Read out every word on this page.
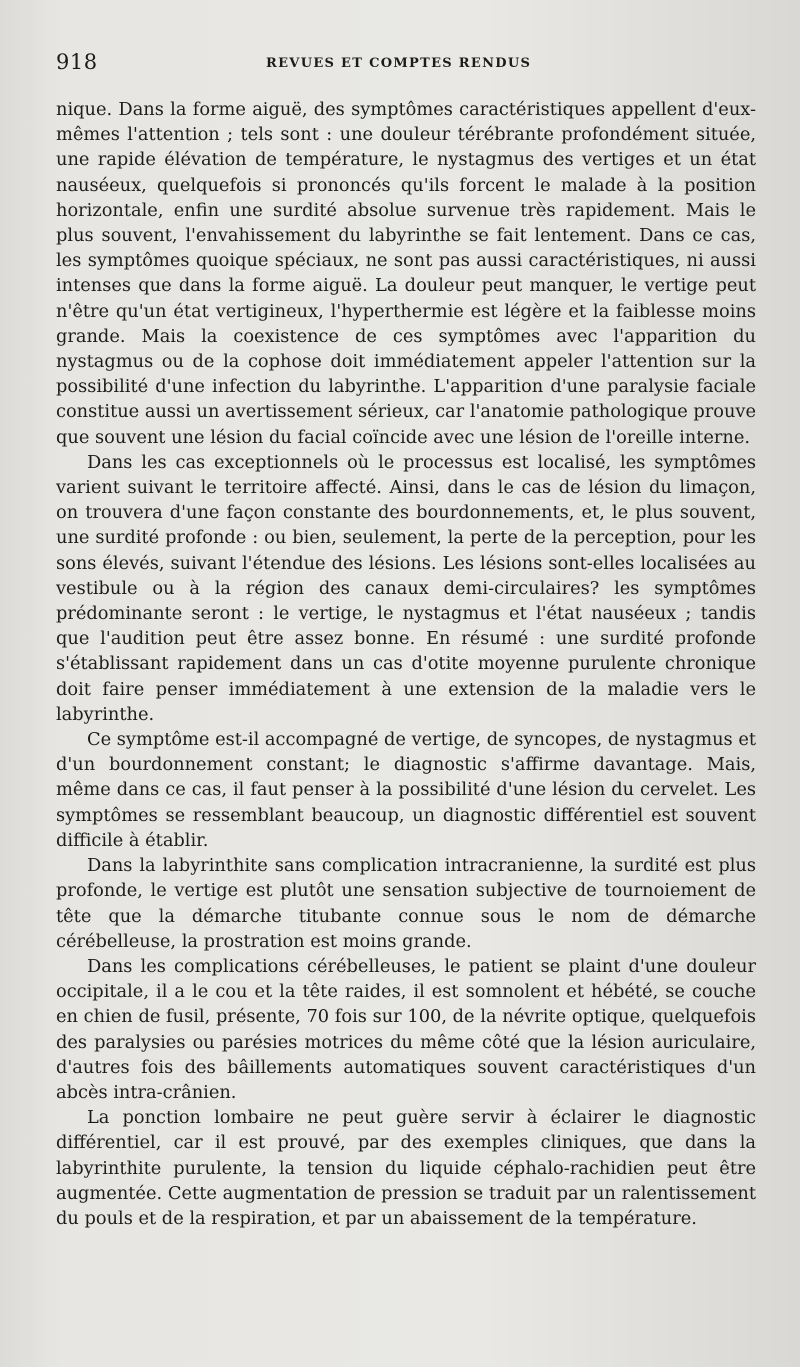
918	REVUES ET COMPTES RENDUS

nique. Dans la forme aiguë, des symptômes caractéristiques appellent d'eux-mêmes l'attention ; tels sont : une douleur térébrante profondément située, une rapide élévation de température, le nystagmus des vertiges et un état nauséeux, quelquefois si prononcés qu'ils forcent le malade à la position horizontale, enfin une surdité absolue survenue très rapidement. Mais le plus souvent, l'envahissement du labyrinthe se fait lentement. Dans ce cas, les symptômes quoique spéciaux, ne sont pas aussi caractéristiques, ni aussi intenses que dans la forme aiguë. La douleur peut manquer, le vertige peut n'être qu'un état vertigineux, l'hyperthermie est légère et la faiblesse moins grande. Mais la coexistence de ces symptômes avec l'apparition du nystagmus ou de la cophose doit immédiatement appeler l'attention sur la possibilité d'une infection du labyrinthe. L'apparition d'une paralysie faciale constitue aussi un avertissement sérieux, car l'anatomie pathologique prouve que souvent une lésion du facial coïncide avec une lésion de l'oreille interne.

Dans les cas exceptionnels où le processus est localisé, les symptômes varient suivant le territoire affecté. Ainsi, dans le cas de lésion du limaçon, on trouvera d'une façon constante des bourdonnements, et, le plus souvent, une surdité profonde : ou bien, seulement, la perte de la perception, pour les sons élevés, suivant l'étendue des lésions. Les lésions sont-elles localisées au vestibule ou à la région des canaux demi-circulaires? les symptômes prédominante seront : le vertige, le nystagmus et l'état nauséeux ; tandis que l'audition peut être assez bonne. En résumé : une surdité profonde s'établissant rapidement dans un cas d'otite moyenne purulente chronique doit faire penser immédiatement à une extension de la maladie vers le labyrinthe.

Ce symptôme est-il accompagné de vertige, de syncopes, de nystagmus et d'un bourdonnement constant; le diagnostic s'affirme davantage. Mais, même dans ce cas, il faut penser à la possibilité d'une lésion du cervelet. Les symptômes se ressemblant beaucoup, un diagnostic différentiel est souvent difficile à établir.

Dans la labyrinthite sans complication intracranienne, la surdité est plus profonde, le vertige est plutôt une sensation subjective de tournoiement de tête que la démarche titubante connue sous le nom de démarche cérébelleuse, la prostration est moins grande.

Dans les complications cérébelleuses, le patient se plaint d'une douleur occipitale, il a le cou et la tête raides, il est somnolent et hébété, se couche en chien de fusil, présente, 70 fois sur 100, de la névrite optique, quelquefois des paralysies ou parésies motrices du même côté que la lésion auriculaire, d'autres fois des bâillements automatiques souvent caractéristiques d'un abcès intra-crânien.

La ponction lombaire ne peut guère servir à éclairer le diagnostic différentiel, car il est prouvé, par des exemples cliniques, que dans la labyrinthite purulente, la tension du liquide céphalo-rachidien peut être augmentée. Cette augmentation de pression se traduit par un ralentissement du pouls et de la respiration, et par un abaissement de la température.
